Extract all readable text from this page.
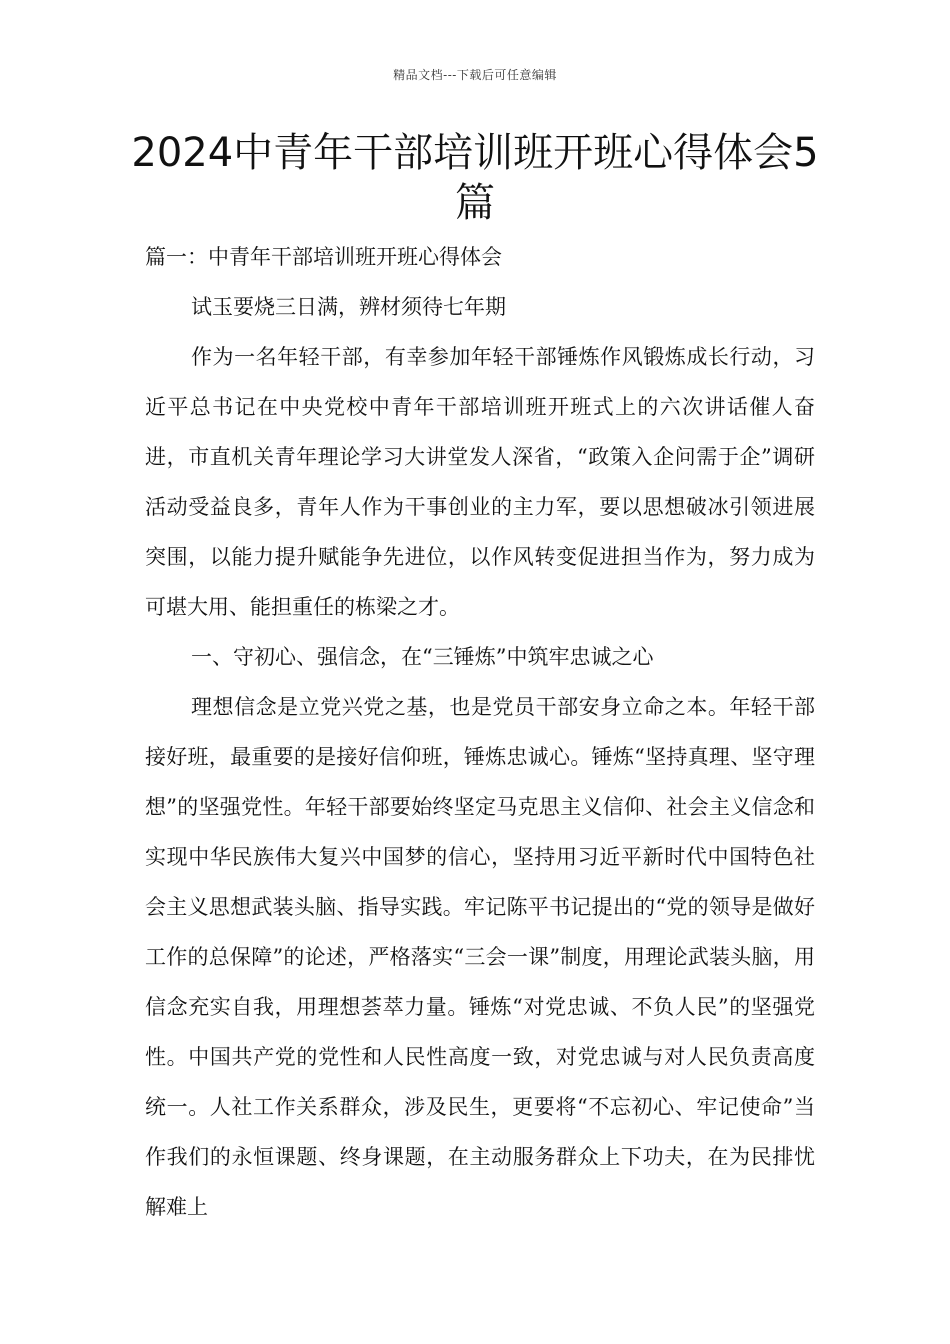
精品文档---下载后可任意编辑
2024中青年干部培训班开班心得体会5篇

篇一：中青年干部培训班开班心得体会

试玉要烧三日满，辨材须待七年期

作为一名年轻干部，有幸参加年轻干部锤炼作风锻炼成长行动，习近平总书记在中央党校中青年干部培训班开班式上的六次讲话催人奋进，市直机关青年理论学习大讲堂发人深省，“政策入企问需于企”调研活动受益良多，青年人作为干事创业的主力军，要以思想破冰引领进展突围，以能力提升赋能争先进位，以作风转变促进担当作为，努力成为可堪大用、能担重任的栋梁之才。

一、守初心、强信念，在“三锤炼”中筑牢忠诚之心

理想信念是立党兴党之基，也是党员干部安身立命之本。年轻干部接好班，最重要的是接好信仰班，锤炼忠诚心。锤炼“坚持真理、坚守理想”的坚强党性。年轻干部要始终坚定马克思主义信仰、社会主义信念和实现中华民族伟大复兴中国梦的信心，坚持用习近平新时代中国特色社会主义思想武装头脑、指导实践。牢记陈平书记提出的“党的领导是做好工作的总保障”的论述，严格落实“三会一课”制度，用理论武装头脑，用信念充实自我，用理想荟萃力量。锤炼“对党忠诚、不负人民”的坚强党性。中国共产党的党性和人民性高度一致，对党忠诚与对人民负责高度统一。人社工作关系群众，涉及民生，更要将“不忘初心、牢记使命”当作我们的永恒课题、终身课题，在主动服务群众上下功夫，在为民排忧解难上
